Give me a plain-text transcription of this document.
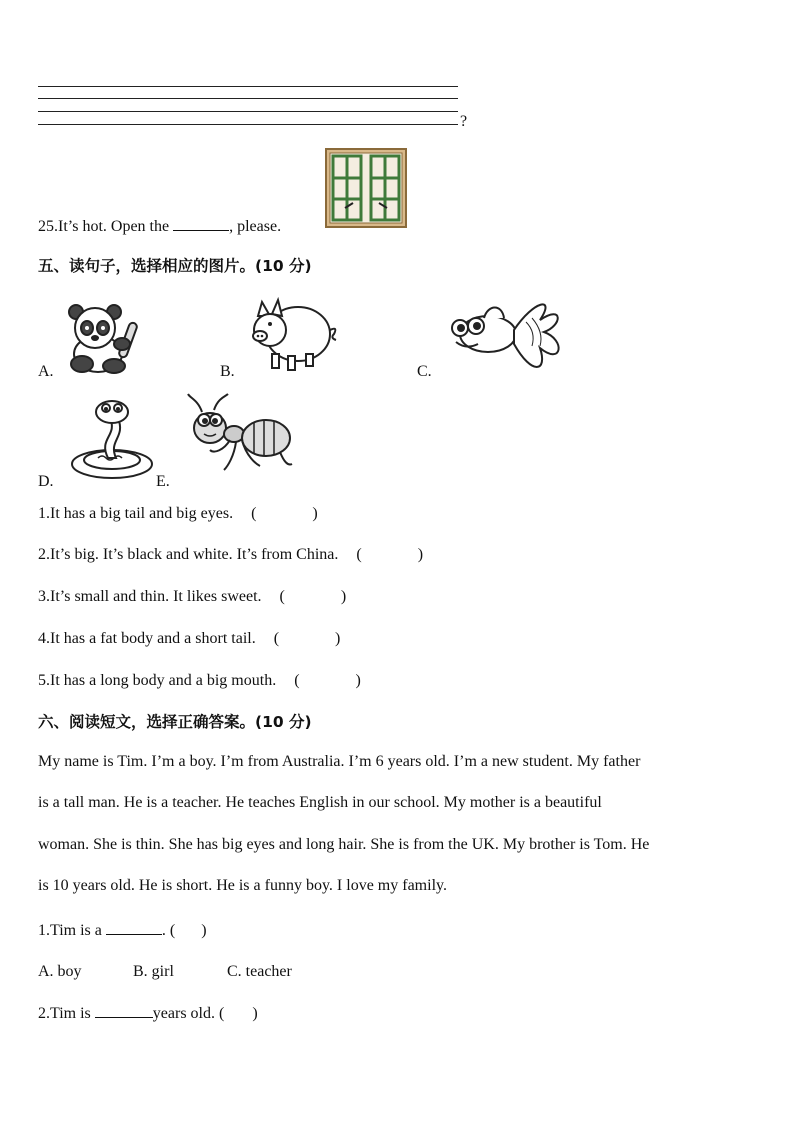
?
25.It’s hot. Open the	, please.
五、读句子，选择相应的图片。(10 分)
A.	B.	C.
D.	E.
1.It has a big tail and big eyes. (	)
2.It’s big. It’s black and white. It’s from China. (	)
3.It’s small and thin. It likes sweet. (	)
4.It has a fat body and a short tail. (	)
5.It has a long body and a big mouth. (	)
六、阅读短文，选择正确答案。(10 分)
My name is Tim. I’m a boy. I’m from Australia. I’m 6 years old. I’m a new student. My father
is a tall man. He is a teacher. He teaches English in our school. My mother is a beautiful
woman. She is thin. She has big eyes and long hair. She is from the UK. My brother is Tom. He
is 10 years old. He is short. He is a funny boy. I love my family.
1.Tim is a	. ( )
A. boy	B. girl	C. teacher
2.Tim is	years old. ( )
